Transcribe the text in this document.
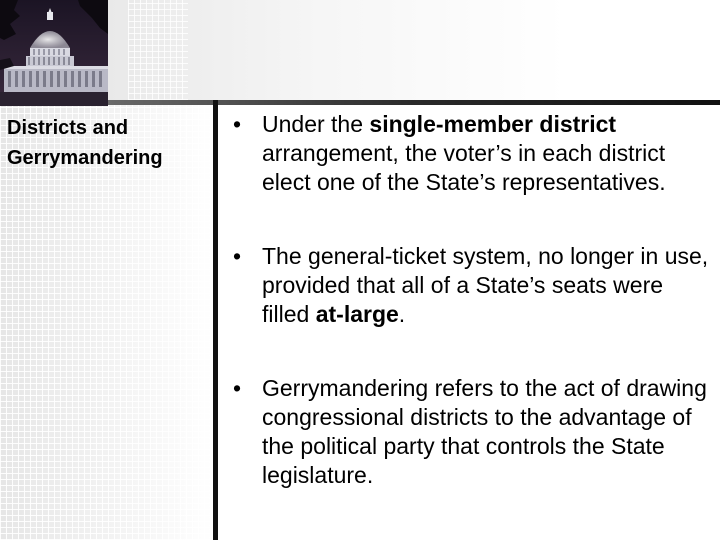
Districts and
Gerrymandering
• Under the single-member district arrangement, the voter’s in each district elect one of the State’s representatives.
• The general-ticket system, no longer in use, provided that all of a State’s seats were filled at-large.
• Gerrymandering refers to the act of drawing congressional districts to the advantage of the political party that controls the State legislature.
